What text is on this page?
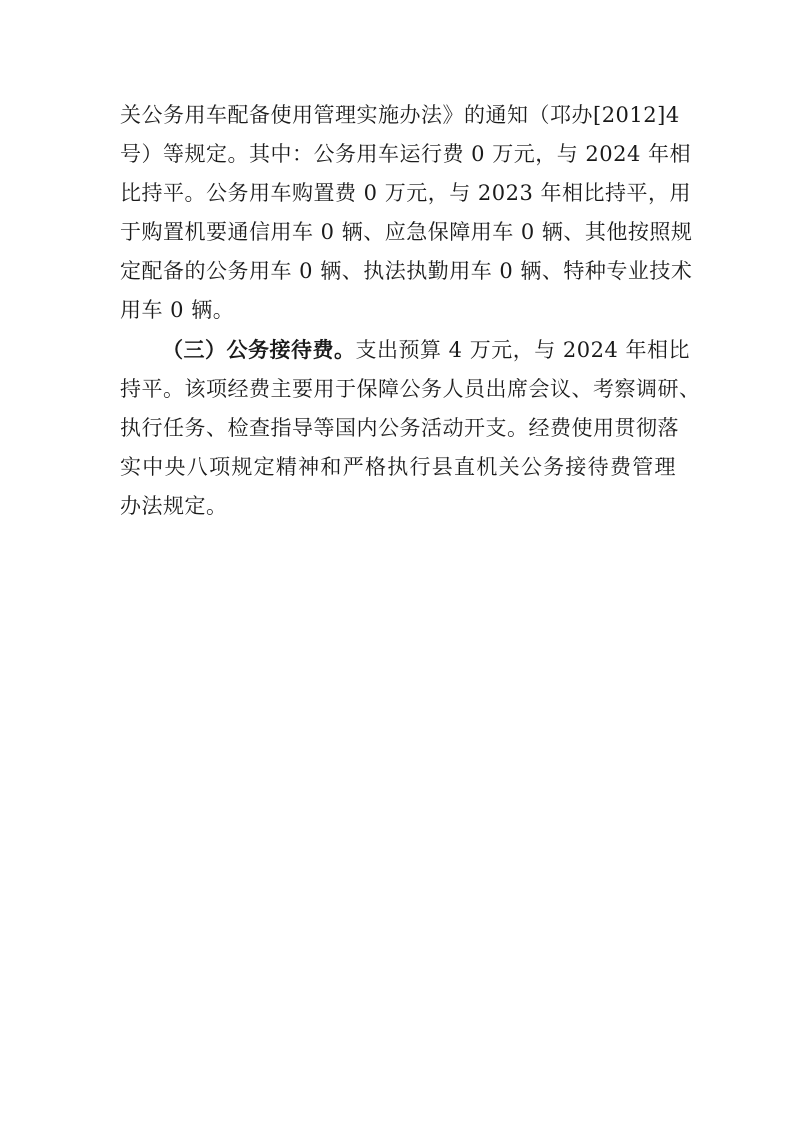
关公务用车配备使用管理实施办法》的通知（邛办[2012]4
号）等规定。其中：公务用车运行费 0 万元，与 2024 年相
比持平。公务用车购置费 0 万元，与 2023 年相比持平，用
于购置机要通信用车 0 辆、应急保障用车 0 辆、其他按照规
定配备的公务用车 0 辆、执法执勤用车 0 辆、特种专业技术
用车 0 辆。

（三）公务接待费。支出预算 4 万元，与 2024 年相比
持平。该项经费主要用于保障公务人员出席会议、考察调研、
执行任务、检查指导等国内公务活动开支。经费使用贯彻落
实中央八项规定精神和严格执行县直机关公务接待费管理
办法规定。
